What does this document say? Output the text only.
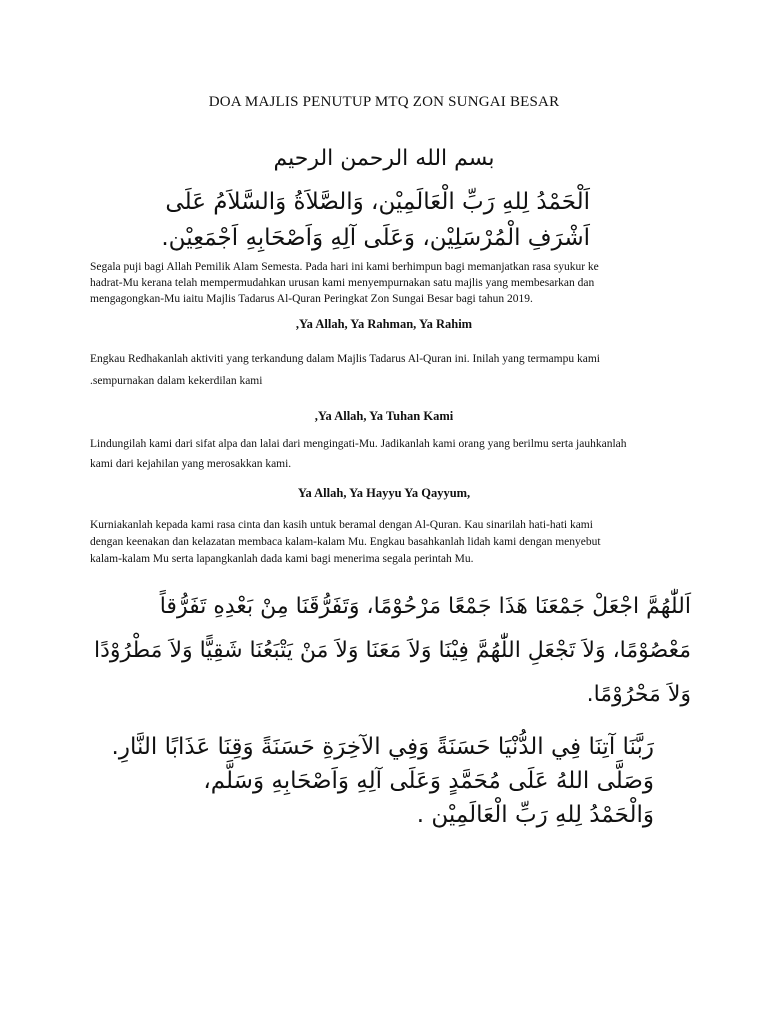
DOA MAJLIS PENUTUP MTQ ZON SUNGAI BESAR
بسم الله الرحمن الرحيم
اَلْحَمْدُ لِلهِ رَبِّ الْعَالَمِيْن، وَالصَّلاَةُ وَالسَّلاَمُ عَلَى
اَشْرَفِ الْمُرْسَلِيْن، وَعَلَى آلِهِ وَاَصْحَابِهِ اَجْمَعِيْن.
Segala puji bagi Allah Pemilik Alam Semesta. Pada hari ini kami berhimpun bagi memanjatkan rasa syukur ke
hadrat-Mu kerana telah mempermudahkan urusan kami menyempurnakan satu majlis yang membesarkan dan
mengagongkan-Mu iaitu Majlis Tadarus Al-Quran Peringkat Zon Sungai Besar bagi tahun 2019.
,Ya Allah, Ya Rahman, Ya Rahim
Engkau Redhakanlah aktiviti yang terkandung dalam Majlis Tadarus Al-Quran ini. Inilah yang termampu kami
.sempurnakan dalam kekerdilan kami
,Ya Allah, Ya Tuhan Kami
Lindungilah kami dari sifat alpa dan lalai dari mengingati-Mu. Jadikanlah kami orang yang berilmu serta jauhkanlah
kami dari kejahilan yang merosakkan kami.
Ya Allah, Ya Hayyu Ya Qayyum,
Kurniakanlah kepada kami rasa cinta dan kasih untuk beramal dengan Al-Quran. Kau sinarilah hati-hati kami
dengan keenakan dan kelazatan membaca kalam-kalam Mu. Engkau basahkanlah lidah kami dengan menyebut
kalam-kalam Mu serta lapangkanlah dada kami bagi menerima segala perintah Mu.
اَللّٰهُمَّ اجْعَلْ جَمْعَنَا هَذَا جَمْعًا مَرْحُوْمًا، وَتَفَرُّقَنَا مِنْ بَعْدِهِ تَفَرُّقاً
مَعْصُوْمًا، وَلاَ تَجْعَلِ اللّٰهُمَّ فِيْنَا وَلاَ مَعَنَا وَلاَ مَنْ يَتْبَعُنَا شَقِيًّا وَلاَ مَطْرُوْدًا
وَلاَ مَحْرُوْمًا.
رَبَّنَا آتِنَا فِي الدُّنْيَا حَسَنَةً وَفِي الآخِرَةِ حَسَنَةً وَقِنَا عَذَابًا النَّارِ.
وَصَلَّى اللهُ عَلَى مُحَمَّدٍ وَعَلَى آلِهِ وَاَصْحَابِهِ وَسَلَّم،
وَالْحَمْدُ لِلهِ رَبِّ الْعَالَمِيْن .
